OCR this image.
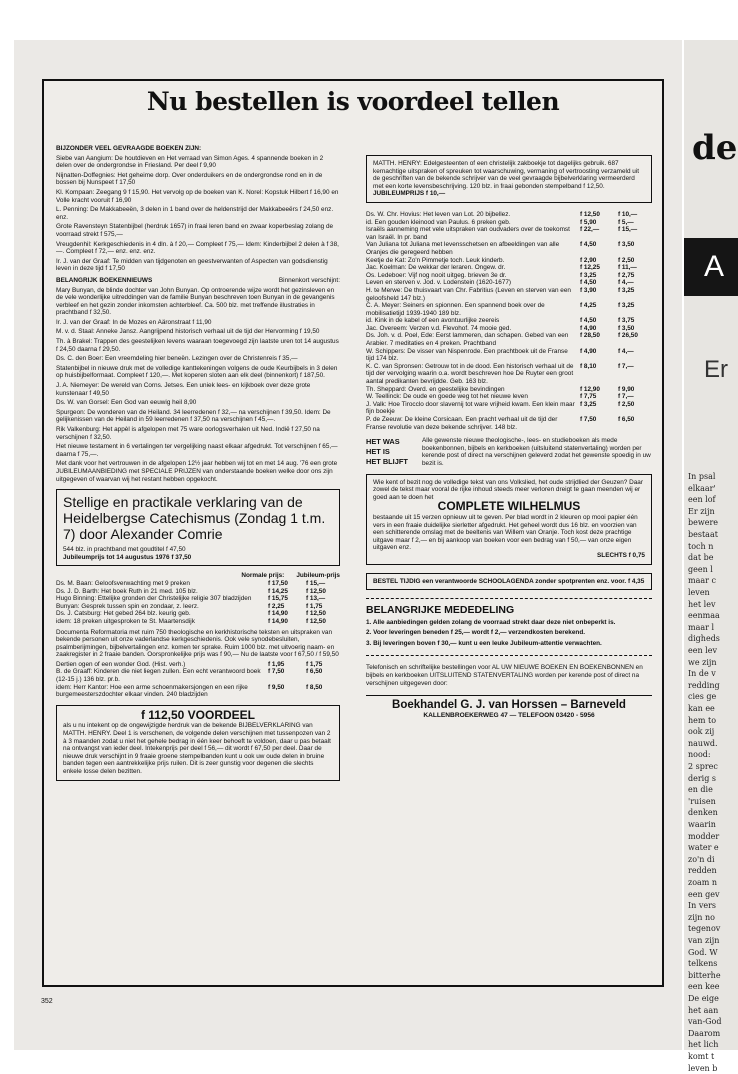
de
A
Er
In psal
elkaar'
een lof
Er zijn
bewere
bestaat
toch n
dat be
geen l
maar c
leven
het lev
eenmaa
maar l
digheds
een lev
we zijn
In de v
redding
cies ge
kan ee
hem to
ook zij
nauwd.
nood:
2 sprec
derig s
en die
'ruisen
denken
waarin
modder
water e
zo'n di
redden
zoam n
een gev
In vers
zijn no
tegenov
van zijn
God. W
telkens
bitterhe
een kee
De eige
het aan
van-God
Daarom
het lich
komt t
leven b
Nu bestellen is voordeel tellen

BIJZONDER VEEL GEVRAAGDE BOEKEN ZIJN:

Siebe van Aangium: De houtdieven en Het verraad van Simon Ages. 4 spannende boeken in 2 delen over de ondergrondse in Friesland. Per deel f 9,90

Nijnatten-Doffegnies: Het geheime dorp. Over onderduikers en de ondergrondse rond en in de bossen bij Nunspeet f 17,50

Kl. Kompaan: Zeegang 9 f 15,90. Het vervolg op de boeken van K. Norel: Kopstuk Hilbert f 16,90 en Volle kracht vooruit f 16,90

L. Penning: De Makkabeeën, 3 delen in 1 band over de heldenstrijd der Makkabeeërs f 24,50 enz. enz.

Grote Ravensteyn Statenbijbel (herdruk 1657) in fraai leren band en zwaar koperbeslag zolang de voorraad strekt f 575,—

Vreugdenhil: Kerkgeschiedenis in 4 dln. à f 20,— Compleet f 75,— Idem: Kinderbijbel 2 delen à f 38,—. Compleet f 72,— enz. enz. enz.

Ir. J. van der Graaf: Te midden van tijdgenoten en geestverwanten of Aspecten van godsdienstig leven in deze tijd f 17,50

BELANGRIJK BOEKENNIEUWS	Binnenkort verschijnt:

Mary Bunyan, de blinde dochter van John Bunyan. Op ontroerende wijze wordt het gezinsleven en de vele wonderlijke uitreddingen van de familie Bunyan beschreven toen Bunyan in de gevangenis verbleef en het gezin zonder inkomsten achterbleef. Ca. 500 blz. met treffende illustraties in prachtband f 32,50.

Ir. J. van der Graaf: In de Mozes en Aäronstraat f 11,90

M. v. d. Staal: Anneke Jansz. Aangrijpend historisch verhaal uit de tijd der Hervorming f 19,50

Th. à Brakel: Trappen des geestelijken levens waaraan toegevoegd zijn laatste uren tot 14 augustus f 24,50 daarna f 29,50.

Ds. C. den Boer: Een vreemdeling hier beneën. Lezingen over de Christenreis f 35,—

Statenbijbel in nieuwe druk met de volledige kanttekeningen volgens de oude Keurbijbels in 3 delen op huisbijbelformaat. Compleet f 120,—. Met koperen sloten aan elk deel (binnenkort) f 187,50.

J. A. Niemeyer: De wereld van Corns. Jetses. Een uniek lees- en kijkboek over deze grote kunstenaar f 49,50

Ds. W. van Gorsel: Een God van eeuwig heil 8,90

Spurgeon: De wonderen van de Heiland. 34 leerredenen f 32,— na verschijnen f 39,50. Idem: De gelijkenissen van de Heiland in 59 leerredenen f 37,50 na verschijnen f 45,—.

Rik Valkenburg: Het appèl is afgelopen met 75 ware oorlogsverhalen uit Ned. Indië f 27,50 na verschijnen f 32,50.

Het nieuwe testament in 6 vertalingen ter vergelijking naast elkaar afgedrukt. Tot verschijnen f 65,— daarna f 75,—.

Met dank voor het vertrouwen in de afgelopen 12½ jaar hebben wij tot en met 14 aug. '76 een grote JUBILEUMAANBIEDING met SPECIALE PRIJZEN van onderstaande boeken welke door ons zijn uitgegeven of waarvan wij het restant hebben opgekocht.

Stellige en practikale verklaring van de Heidelbergse Catechismus (Zondag 1 t.m. 7) door Alexander Comrie
544 blz. in prachtband met goudtitel f 47,50
Jubileumprijs tot 14 augustus 1976 f 37,50
Normale prijs: Jubileum-prijs
Ds. M. Baan: Geloofsverwachting met 9 preken	f 17,50	f 15,—
Ds. J. D. Barth: Het boek Ruth in 21 med. 105 blz.	f 14,25	f 12,50
Hugo Binning: Ettelijke gronden der Christelijke religie 307 bladzijden	f 15,75	f 13,—
Bunyan: Gesprek tussen spin en zondaar, z. leerz.	f 2,25	f 1,75
Ds. J. Catsburg: Het gebed 264 blz. keurig geb.	f 14,90	f 12,50
idem: 18 preken uitgesproken te St. Maartensdijk	f 14,90	f 12,50

Documenta Reformatoria met ruim 750 theologische en kerkhistorische teksten en uitspraken van bekende personen uit onze vaderlandse kerkgeschiedenis. Ook vele synodebesluiten, psalmberijmingen, bijbelvertalingen enz. komen ter sprake. Ruim 1000 blz. met uitvoerig naam- en zaakregister in 2 fraaie banden. Oorspronkelijke prijs was f 90,— Nu de laatste voor f 67,50 / f 59,50

Dertien ogen of een wonder God. (Hist. verh.)	f 1,95	f 1,75
B. de Graaff: Kinderen die niet liegen zullen. Een echt verantwoord boek (12-15 j.) 136 blz. pr.b.
f 7,50	f 6,50
idem: Herr Kantor: Hoe een arme schoenmakersjongen en een rijke burgemeesterszdochter elkaar vinden. 240 bladzijden
f 9,50	f 8,50
f 112,50 VOORDEEL
als u nu intekent op de ongewijzigde herdruk van de bekende BIJBELVERKLARING van MATTH. HENRY. Deel 1 is verschenen, de volgende delen verschijnen met tussenpozen van 2 à 3 maanden zodat u niet het gehele bedrag in één keer behoeft te voldoen, daar u pas betaalt na ontvangst van ieder deel. Intekenprijs per deel f 56,— dit wordt f 67,50 per deel. Daar de nieuwe druk verschijnt in 9 fraaie groene stempelbanden kunt u ook uw oude delen in bruine banden tegen een aantrekkelijke prijs ruilen. Dit is zeer gunstig voor degenen die slechts enkele losse delen bezitten.
MATTH. HENRY: Edelgesteenten of een christelijk zakboekje tot dagelijks gebruik. 687 kernachtige uitspraken of spreuken tot waarschuwing, vermaning of vertroosting verzameld uit de geschriften van de bekende schrijver van de veel gevraagde bijbelverklaring vermeerderd met een korte levensbeschrijving. 120 blz. in fraai gebonden stempelband f 12,50.
JUBILEUMPRIJS f 10,—
Ds. W. Chr. Hovius: Het leven van Lot. 20 bijbellez.	f 12,50	f 10,—
id. Een gouden kleinood van Paulus. 6 preken geb.	f 5,90	f 5,—
Israëls aanneming met vele uitspraken van oudvaders over de toekomst van Israël. In pr. band
f 22,—	f 15,—
Van Juliana tot Juliana met levensschetsen en afbeeldingen van alle Oranjes die geregeerd hebben
f 4,50	f 3,50
Keetje de Kat: Zo'n Pimmetje toch. Leuk kinderb.	f 2,90	f 2,50
Jac. Koelman: De wekkar der leraren. Ongew. dr.	f 12,25	f 11,—
Os. Ledeboer: Vijf nog nooit uitgeg. brieven 3e dr.	f 3,25	f 2,75
Leven en sterven v. Jod. v. Lodenstein (1620-1677)	f 4,50	f 4,—
H. te Merwe: De thuisvaart van Chr. Fabritius (Leven en sterven van een geloofsheld 147 blz.)
f 3,90	f 3,25
C. A. Meyer: Seiners en spionnen. Een spannend boek over de mobilisatietijd 1939-1940 189 blz.
f 4,25	f 3,25
id. Kink in de kabel of een avontuurlijke zeereis	f 4,50	f 3,75
Jac. Overeem: Verzen v.d. Flevohof. 74 mooie ged.	f 4,90	f 3,50
Ds. Joh. v. d. Poel, Ede: Eerst lammeren, dan schapen. Gebed van een Arabier. 7 meditaties en 4 preken. Prachtband
f 28,50	f 26,50
W. Schippers: De visser van Nispenrode. Een prachtboek uit de Franse tijd 174 blz.
f 4,90	f 4,—
K. C. van Spronsen: Getrouw tot in de dood. Een historisch verhaal uit de tijd der vervolging waarin o.a. wordt beschreven hoe De Ruyter een groot aantal predikanten bevrijdde. Geb. 163 blz.
f 8,10	f 7,—
Th. Sheppard: Overd. en geestelijke bevindingen	f 12,90	f 9,90
W. Teellinck: De oude en goede weg tot het nieuwe leven	f 7,75	f 7,—
J. Valk: Hoe Tirocclo door slavernij tot ware vrijheid kwam. Een klein maar fijn boekje
f 3,25	f 2,50
P. de Zeeuw: De kleine Corsicaan. Een pracht verhaal uit de tijd der Franse revolutie van deze bekende schrijver. 148 blz.
f 7,50	f 6,50
HET WAS
HET IS
HET BLIJFT
Alle gewenste nieuwe theologische-, lees- en studieboeken als mede boekenbonnen, bijbels en kerkboeken (uitsluitend statenvertaling) worden per kerende post of direct na verschijnen geleverd zodat het gewenste spoedig in uw bezit is.
Wie kent of bezit nog de volledige tekst van ons Volkslied, het oude strijdlied der Geuzen? Daar zowel de tekst maar vooral de rijke inhoud steeds meer verloren dreigt te gaan meenden wij er goed aan te doen het
COMPLETE WILHELMUS
bestaande uit 15 verzen opnieuw uit te geven. Per blad wordt in 2 kleuren op mooi papier één vers in een fraaie duidelijke sierletter afgedrukt. Het geheel wordt dus 16 blz. en voorzien van een schitterende omslag met de beeltenis van Willem van Oranje. Toch kost deze prachtige uitgave maar f 2,— en bij aankoop van boeken voor een bedrag van f 50,— van onze eigen uitgaven enz.
SLECHTS f 0,75
BESTEL TIJDIG een verantwoorde SCHOOLAGENDA zonder spotprenten enz. voor. f 4,35
BELANGRIJKE MEDEDELING

1. Alle aanbiedingen gelden zolang de voorraad strekt daar deze niet onbeperkt is.

2. Voor leveringen beneden f 25,— wordt f 2,— verzendkosten berekend.

3. Bij leveringen boven f 30,— kunt u een leuke Jubileum-attentie verwachten.

Telefonisch en schriftelijke bestellingen voor AL UW NIEUWE BOEKEN EN BOEKENBONNEN en bijbels en kerkboeken UITSLUITEND STATENVERTALING worden per kerende post of direct na verschijnen uitgegeven door:
Boekhandel G. J. van Horssen – Barneveld
KALLENBROEKERWEG 47 — TELEFOON 03420 - 5956
352
